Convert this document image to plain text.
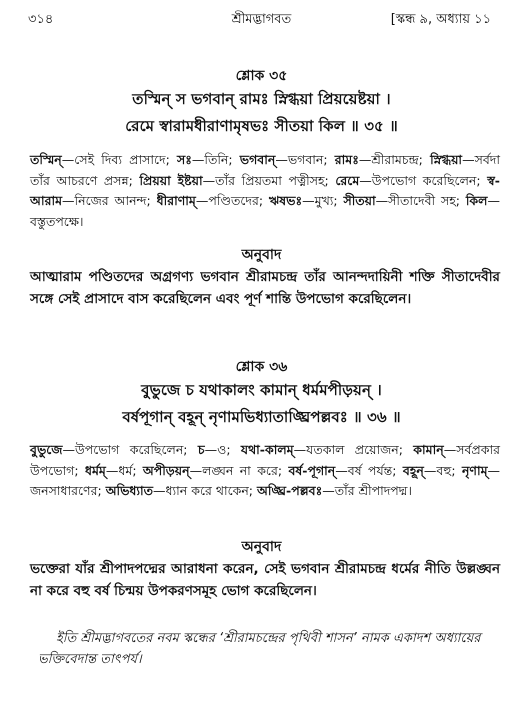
৩১৪	শ্রীমদ্ভাগবত	[স্কন্ধ ৯, অধ্যায় ১১
শ্লোক ৩৫
তস্মিন্ স ভগবান্ রামঃ স্নিগ্ধয়া প্রিয়য়েষ্টয়া ।
রেমে স্বারামধীরাণামৃষভঃ সীতয়া কিল ॥ ৩৫ ॥
তস্মিন্—সেই দিব্য প্রাসাদে; সঃ—তিনি; ভগবান্—ভগবান; রামঃ—শ্রীরামচন্দ্র; স্নিগ্ধয়া—সর্বদা তাঁর আচরণে প্রসন্ন; প্রিয়য়া ইষ্টয়া—তাঁর প্রিয়তমা পত্নীসহ; রেমে—উপভোগ করেছিলেন; স্ব-আরাম—নিজের আনন্দ; ধীরাণাম্—পণ্ডিতদের; ঋষভঃ—মুখ্য; সীতয়া—সীতাদেবী সহ; কিল—বস্তুতপক্ষে।
অনুবাদ
আত্মারাম পণ্ডিতদের অগ্রগণ্য ভগবান শ্রীরামচন্দ্র তাঁর আনন্দদায়িনী শক্তি সীতাদেবীর সঙ্গে সেই প্রাসাদে বাস করেছিলেন এবং পূর্ণ শান্তি উপভোগ করেছিলেন।
শ্লোক ৩৬
বুভুজে চ যথাকালং কামান্ ধর্মমপীড়য়ন্ ।
বর্ষপূগান্ বহূন্ নৃণামভিধ্যাতাঙ্ঘ্রিপল্লবঃ ॥ ৩৬ ॥
বুভুজে—উপভোগ করেছিলেন; চ—ও; যথা-কালম্—যতকাল প্রয়োজন; কামান্—সর্বপ্রকার উপভোগ; ধর্মম্—ধর্ম; অপীড়য়ন্—লঙ্ঘন না করে; বর্ষ-পূগান্—বর্ষ পর্যন্ত; বহূন্—বহু; নৃণাম্—জনসাধারণের; অভিধ্যাত—ধ্যান করে থাকেন; অঙ্ঘ্রি-পল্লবঃ—তাঁর শ্রীপাদপদ্ম।
অনুবাদ
ভক্তেরা যাঁর শ্রীপাদপদ্মের আরাধনা করেন, সেই ভগবান শ্রীরামচন্দ্র ধর্মের নীতি উল্লঙ্ঘন না করে বহু বর্ষ চিন্ময় উপকরণসমূহ ভোগ করেছিলেন।
ইতি শ্রীমদ্ভাগবতের নবম স্কন্ধের ‘শ্রীরামচন্দ্রের পৃথিবী শাসন’ নামক একাদশ অধ্যায়ের ভক্তিবেদান্ত তাৎপর্য।
